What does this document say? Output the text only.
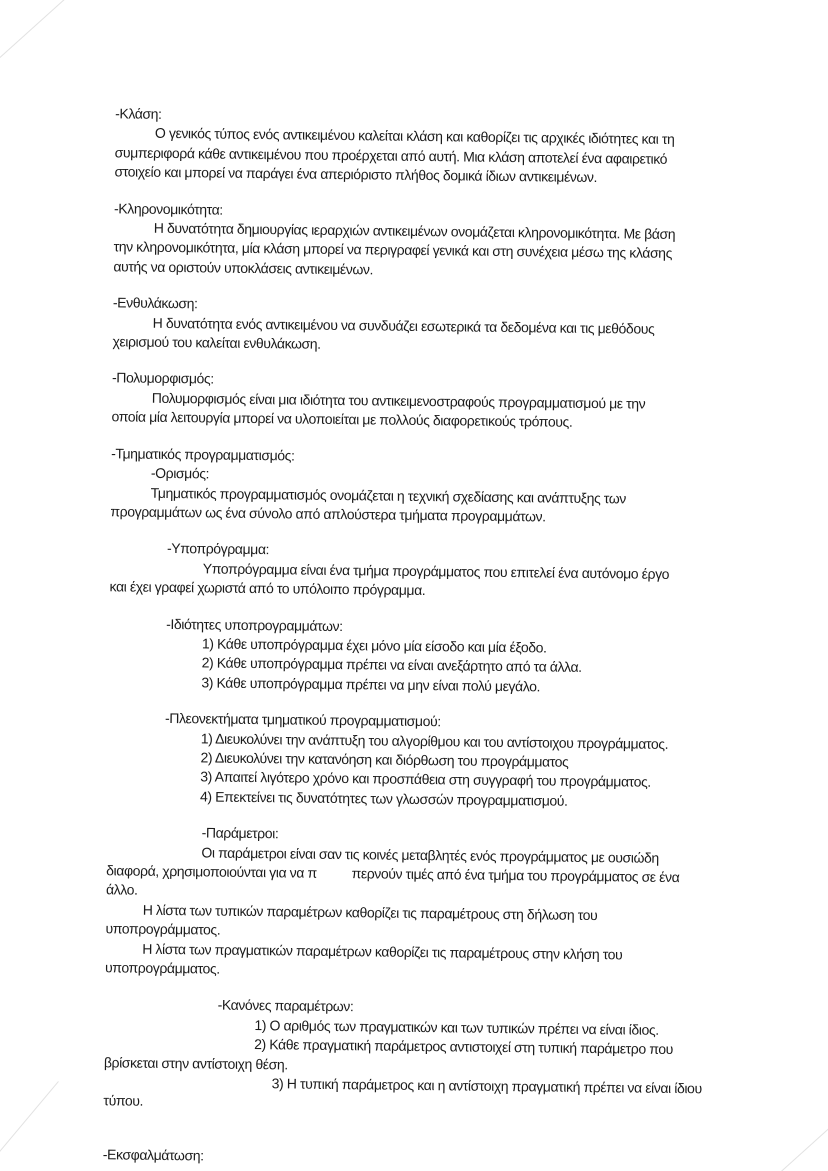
-Κλάση:
Ο γενικός τύπος ενός αντικειμένου καλείται κλάση και καθορίζει τις αρχικές ιδιότητες και τη
συμπεριφορά κάθε αντικειμένου που προέρχεται από αυτή. Μια κλάση αποτελεί ένα αφαιρετικό
στοιχείο και μπορεί να παράγει ένα απεριόριστο πλήθος δομικά ίδιων αντικειμένων.
-Κληρονομικότητα:
Η δυνατότητα δημιουργίας ιεραρχιών αντικειμένων ονομάζεται κληρονομικότητα. Με βάση
την κληρονομικότητα, μία κλάση μπορεί να περιγραφεί γενικά και στη συνέχεια μέσω της κλάσης
αυτής να οριστούν υποκλάσεις αντικειμένων.
-Ενθυλάκωση:
Η δυνατότητα ενός αντικειμένου να συνδυάζει εσωτερικά τα δεδομένα και τις μεθόδους
χειρισμού του καλείται ενθυλάκωση.
-Πολυμορφισμός:
Πολυμορφισμός είναι μια ιδιότητα του αντικειμενοστραφούς προγραμματισμού με την
οποία μία λειτουργία μπορεί να υλοποιείται με πολλούς διαφορετικούς τρόπους.
-Τμηματικός προγραμματισμός:
-Ορισμός:
Τμηματικός προγραμματισμός ονομάζεται η τεχνική σχεδίασης και ανάπτυξης των
προγραμμάτων ως ένα σύνολο από απλούστερα τμήματα προγραμμάτων.
-Υποπρόγραμμα:
Υποπρόγραμμα είναι ένα τμήμα προγράμματος που επιτελεί ένα αυτόνομο έργο
και έχει γραφεί χωριστά από το υπόλοιπο πρόγραμμα.
-Ιδιότητες υποπρογραμμάτων:
1) Κάθε υποπρόγραμμα έχει μόνο μία είσοδο και μία έξοδο.
2) Κάθε υποπρόγραμμα πρέπει να είναι ανεξάρτητο από τα άλλα.
3) Κάθε υποπρόγραμμα πρέπει να μην είναι πολύ μεγάλο.
-Πλεονεκτήματα τμηματικού προγραμματισμού:
1) Διευκολύνει την ανάπτυξη του αλγορίθμου και του αντίστοιχου προγράμματος.
2) Διευκολύνει την κατανόηση και διόρθωση του προγράμματος
3) Απαιτεί λιγότερο χρόνο και προσπάθεια στη συγγραφή του προγράμματος.
4) Επεκτείνει τις δυνατότητες των γλωσσών προγραμματισμού.
-Παράμετροι:
Οι παράμετροι είναι σαν τις κοινές μεταβλητές ενός προγράμματος με ουσιώδη
διαφορά, χρησιμοποιούνται για να π          περνούν τιμές από ένα τμήμα του προγράμματος σε ένα
άλλο.
Η λίστα των τυπικών παραμέτρων καθορίζει τις παραμέτρους στη δήλωση του
υποπρογράμματος.
Η λίστα των πραγματικών παραμέτρων καθορίζει τις παραμέτρους στην κλήση του
υποπρογράμματος.
-Κανόνες παραμέτρων:
1) Ο αριθμός των πραγματικών και των τυπικών πρέπει να είναι ίδιος.
2) Κάθε πραγματική παράμετρος αντιστοιχεί στη τυπική παράμετρο που
βρίσκεται στην αντίστοιχη θέση.
3) Η τυπική παράμετρος και η αντίστοιχη πραγματική πρέπει να είναι ίδιου
τύπου.
-Εκσφαλμάτωση:
